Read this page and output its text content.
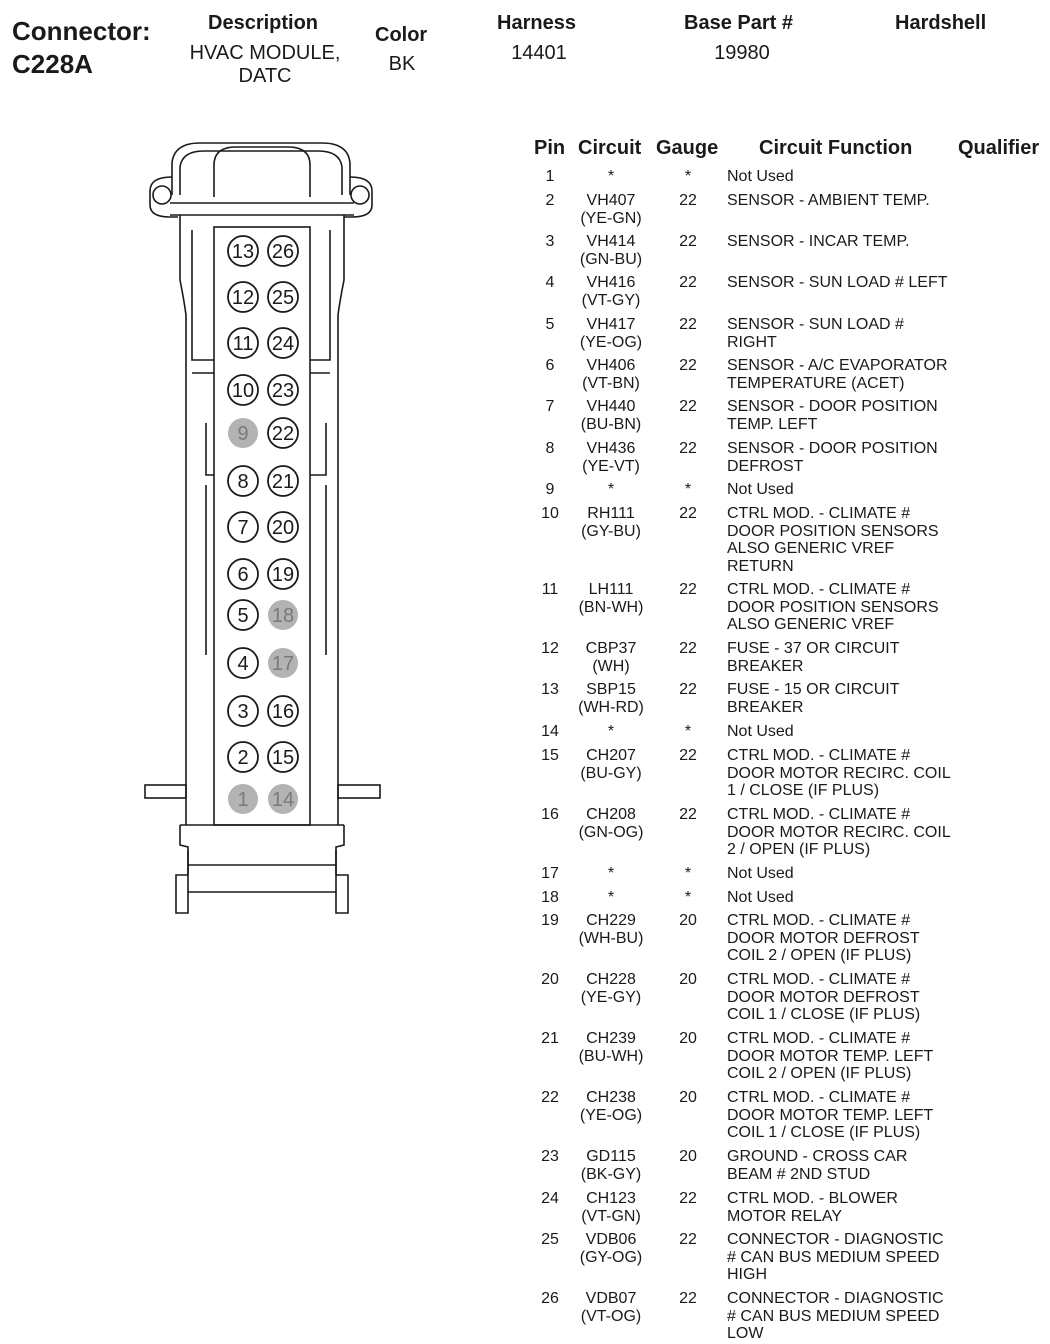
Connector:
C228A
Description
HVAC MODULE,
DATC
Color
BK
Harness
14401
Base Part #
19980
Hardshell
13
12
11
10
9
8
7
6
5
4
3
2
1
26
25
24
23
22
21
20
19
18
17
16
15
14
Pin Circuit Gauge Circuit Function Qualifier
1	*	*	Not Used
2	VH407
(YE-GN)
22	SENSOR - AMBIENT TEMP.
3	VH414
(GN-BU)
22	SENSOR - INCAR TEMP.
4	VH416
(VT-GY)
22	SENSOR - SUN LOAD # LEFT
5	VH417
(YE-OG)
22	SENSOR - SUN LOAD #
RIGHT
6	VH406
(VT-BN)
22	SENSOR - A/C EVAPORATOR
TEMPERATURE (ACET)
7	VH440
(BU-BN)
22	SENSOR - DOOR POSITION
TEMP. LEFT
8	VH436
(YE-VT)
22	SENSOR - DOOR POSITION
DEFROST
9	*	*	Not Used
10	RH111
(GY-BU)
22	CTRL MOD. - CLIMATE #
DOOR POSITION SENSORS
ALSO GENERIC VREF
RETURN
11	LH111
(BN-WH)
22	CTRL MOD. - CLIMATE #
DOOR POSITION SENSORS
ALSO GENERIC VREF
12	CBP37
(WH)
22	FUSE - 37 OR CIRCUIT
BREAKER
13	SBP15
(WH-RD)
22	FUSE - 15 OR CIRCUIT
BREAKER
14	*	*	Not Used
15	CH207
(BU-GY)
22	CTRL MOD. - CLIMATE #
DOOR MOTOR RECIRC. COIL
1 / CLOSE (IF PLUS)
16	CH208
(GN-OG)
22	CTRL MOD. - CLIMATE #
DOOR MOTOR RECIRC. COIL
2 / OPEN (IF PLUS)
17	*	*	Not Used
18	*	*	Not Used
19	CH229
(WH-BU)
20	CTRL MOD. - CLIMATE #
DOOR MOTOR DEFROST
COIL 2 / OPEN (IF PLUS)
20	CH228
(YE-GY)
20	CTRL MOD. - CLIMATE #
DOOR MOTOR DEFROST
COIL 1 / CLOSE (IF PLUS)
21	CH239
(BU-WH)
20	CTRL MOD. - CLIMATE #
DOOR MOTOR TEMP. LEFT
COIL 2 / OPEN (IF PLUS)
22	CH238
(YE-OG)
20	CTRL MOD. - CLIMATE #
DOOR MOTOR TEMP. LEFT
COIL 1 / CLOSE (IF PLUS)
23	GD115
(BK-GY)
20	GROUND - CROSS CAR
BEAM # 2ND STUD
24	CH123
(VT-GN)
22	CTRL MOD. - BLOWER
MOTOR RELAY
25	VDB06
(GY-OG)
22	CONNECTOR - DIAGNOSTIC
# CAN BUS MEDIUM SPEED
HIGH
26	VDB07
(VT-OG)
22	CONNECTOR - DIAGNOSTIC
# CAN BUS MEDIUM SPEED
LOW
